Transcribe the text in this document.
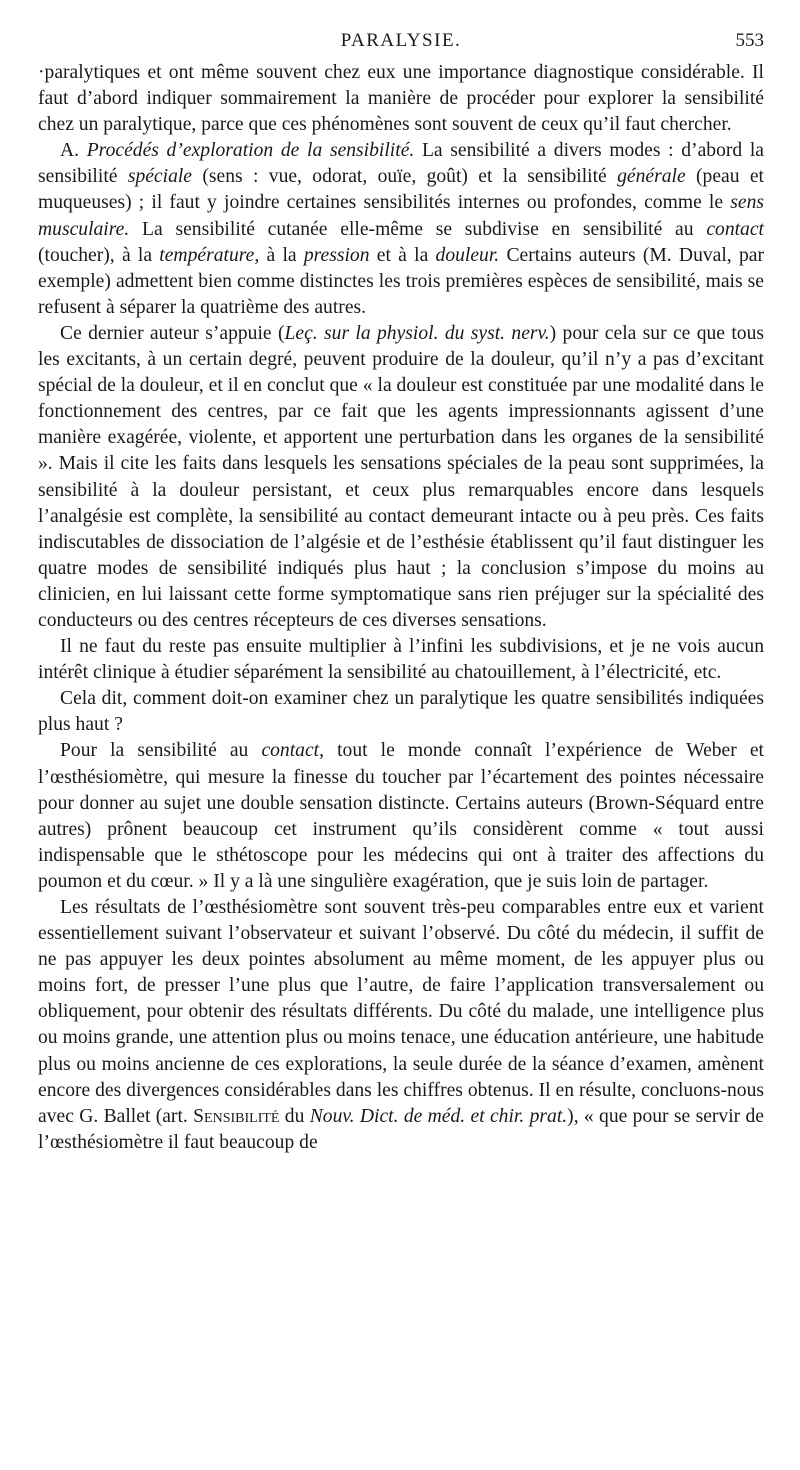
PARALYSIE.	553

·paralytiques et ont même souvent chez eux une importance diagnostique considérable. Il faut d’abord indiquer sommairement la manière de procéder pour explorer la sensibilité chez un paralytique, parce que ces phénomènes sont souvent de ceux qu’il faut chercher.

A. Procédés d’exploration de la sensibilité. La sensibilité a divers modes : d’abord la sensibilité spéciale (sens : vue, odorat, ouïe, goût) et la sensibilité générale (peau et muqueuses) ; il faut y joindre certaines sensibilités internes ou profondes, comme le sens musculaire. La sensibilité cutanée elle-même se subdivise en sensibilité au contact (toucher), à la température, à la pression et à la douleur. Certains auteurs (M. Duval, par exemple) admettent bien comme distinctes les trois premières espèces de sensibilité, mais se refusent à séparer la quatrième des autres.

Ce dernier auteur s’appuie (Leç. sur la physiol. du syst. nerv.) pour cela sur ce que tous les excitants, à un certain degré, peuvent produire de la douleur, qu’il n’y a pas d’excitant spécial de la douleur, et il en conclut que « la douleur est constituée par une modalité dans le fonctionnement des centres, par ce fait que les agents impressionnants agissent d’une manière exagérée, violente, et apportent une perturbation dans les organes de la sensibilité ». Mais il cite les faits dans lesquels les sensations spéciales de la peau sont supprimées, la sensibilité à la douleur persistant, et ceux plus remarquables encore dans lesquels l’analgésie est complète, la sensibilité au contact demeurant intacte ou à peu près. Ces faits indiscutables de dissociation de l’algésie et de l’esthésie établissent qu’il faut distinguer les quatre modes de sensibilité indiqués plus haut ; la conclusion s’impose du moins au clinicien, en lui laissant cette forme symptomatique sans rien préjuger sur la spécialité des conducteurs ou des centres récepteurs de ces diverses sensations.

Il ne faut du reste pas ensuite multiplier à l’infini les subdivisions, et je ne vois aucun intérêt clinique à étudier séparément la sensibilité au chatouillement, à l’électricité, etc.

Cela dit, comment doit-on examiner chez un paralytique les quatre sensibilités indiquées plus haut ?

Pour la sensibilité au contact, tout le monde connaît l’expérience de Weber et l’œsthésiomètre, qui mesure la finesse du toucher par l’écartement des pointes nécessaire pour donner au sujet une double sensation distincte. Certains auteurs (Brown-Séquard entre autres) prônent beaucoup cet instrument qu’ils considèrent comme « tout aussi indispensable que le sthétoscope pour les médecins qui ont à traiter des affections du poumon et du cœur. » Il y a là une singulière exagération, que je suis loin de partager.

Les résultats de l’œsthésiomètre sont souvent très-peu comparables entre eux et varient essentiellement suivant l’observateur et suivant l’observé. Du côté du médecin, il suffit de ne pas appuyer les deux pointes absolument au même moment, de les appuyer plus ou moins fort, de presser l’une plus que l’autre, de faire l’application transversalement ou obliquement, pour obtenir des résultats différents. Du côté du malade, une intelligence plus ou moins grande, une attention plus ou moins tenace, une éducation antérieure, une habitude plus ou moins ancienne de ces explorations, la seule durée de la séance d’examen, amènent encore des divergences considérables dans les chiffres obtenus. Il en résulte, concluons-nous avec G. Ballet (art. Sensibilité du Nouv. Dict. de méd. et chir. prat.), « que pour se servir de l’œsthésiomètre il faut beaucoup de
